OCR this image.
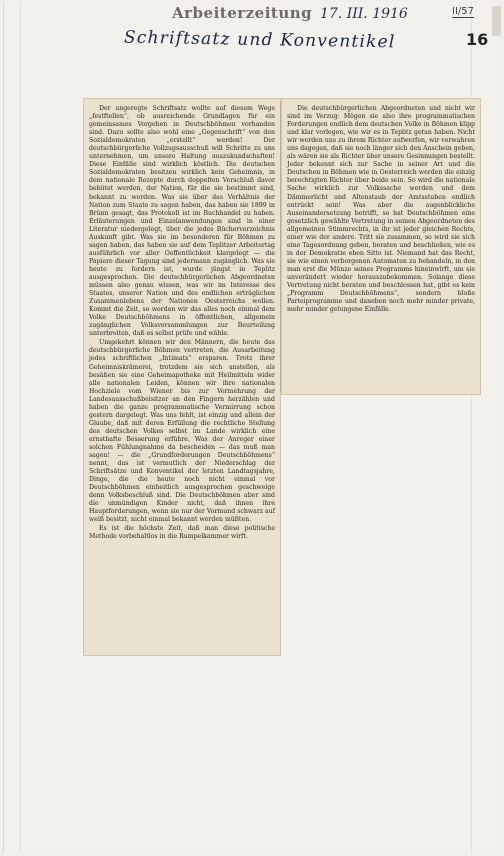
Arbeiterzeitung 17. III. 1916	II/57
16
Schriftsatz und Konventikel

Der angeregte Schriftsatz wollte auf diesem Wege „festftellen“, ob ausreichende Grundlagen für ein gemeinsames Vorgehen in Deutschböhmen vorhanden sind. Dazu sollte also wohl eine „Gegenschrift“ von den Sozialdemokraten „erstellt“ werden! Der deutschbürgerliche Vollzugsausschuß will Schritte zu uns unternehmen, um unsere Haltung auszukundschaften! Diese Einfälle sind wirklich köstlich. Die deutschen Sozialdemokraten besitzen wirklich kein Geheimnis, in dem nationale Rezepte durch doppelten Verschluß davor behütet werden, der Nation, für die sie bestimmt sind, bekannt zu werden. Was sie über das Verhältnis der Nation zum Staate zu sagen haben, das haben sie 1899 in Brünn gesagt, das Protokoll ist im Buchhandel zu haben. Erläuterungen und Einzelanwendungen sind in einer Literatur niedergelegt, über die jedes Bücherverzeichnis Auskunft gibt. Was sie im besonderen für Böhmen zu sagen haben, das haben sie auf dem Teplitzer Arbeitertag ausführlich vor aller Oeffentlichkeit klargelegt — die Papiere dieser Tagung sind jedermann zugänglich. Was sie heute zu fordern ist, wurde jüngst in Teplitz ausgesprochen. Die deutschbürgerlichen Abgeordneten müssen also genau wissen, was wir im Interesse des Staates, unserer Nation und des endlichen erträglichen Zusammenlebens der Nationen Oesterreichs wollen. Kommt die Zeit, so werden wir das alles noch einmal dem Volke Deutschböhmens in öffentlichen, allgemein zugänglichen Volksversammlungen zur Beurteilung unterbreiten, daß es selbst prüfe und wähle.

Umgekehrt können wir den Männern, die heute das deutschbürgerliche Böhmen vertreten, die Ausarbeitung jedes schriftlichen „Intimats“ ersparen. Trotz ihrer Geheimniskrämerei, trotzdem sie sich anstellen, als besäßen sie eine Geheimapotheke mit Heilmitteln wider alle nationalen Leiden, können wir ihre nationalen Hochziele vom Wiener bis zur Vermehrung der Landesausschußbeisitzer an den Fingern herzählen und haben die ganze programmatische Vermirrung schon gestern dargelegt. Was uns fehlt, ist einzig und allein der Glaube, daß mit deren Erfüllung die rechtliche Stellung des deutschen Volkes selbst im Lande wirklich eine ernsthafte Besserung erführe. Was der Anreger einer solchen Fühlungnahme da bescheiden — das muß man sagen! — die „Grundforderungen Deutschböhmens“ nennt, das ist vermutlich der Niederschlag der Schriftsätze und Konventikel der letzten Landtagsjahre, Dinge, die die heute noch nicht einmal vor Deutschböhmen einheitlich ausgesprochen geschweige denn Volksbeschluß sind. Die Deutschböhmen aber sind die unmündigen Kinder nicht, daß ihnen ihre Hauptforderungen, wenn sie nur der Vormund schwarz auf weiß besitzt, nicht einmal bekannt werden müßten.

Es ist die höchste Zeit, daß man diese politische Methode vorbehaltlos in die Rumpelkammer wirft.

Die deutschbürgerlichen Abgeordneten und nicht wir sind im Verzug: Mögen sie also ihre programmatischen Forderungen endlich dem deutschen Volke in Böhmen klipp und klar vorlegen, wie wir es in Teplitz getan haben. Nicht wir werden uns zu ihrem Richter aufwerfen, wir verwahren uns dagegen, daß sie noch länger sich den Anschein geben, als wären sie als Richter über unsere Gesinnungen bestellt. Jeder bekennt sich zur Sache in seiner Art und die Deutschen in Böhmen wie in Oesterreich werden die einzig berechtigten Richter über beide sein. So wird die nationale Sache wirklich zur Volkssache werden und dem Dämmerlicht und Altenstaub der Amtsstuben endlich entrückt sein! Was aber die augenblickliche Auseinandersetzung betrifft, so hat Deutschböhmen eine gesetzlich gewählte Vertretung in seinen Abgeordneten des allgemeinen Stimmrechts, in ihr ist jeder gleichen Rechts, einer wie der andere. Tritt sie zusammen, so wird sie sich eine Tagesordnung geben, beraten und beschließen, wie es in der Demokratie eben Sitte ist. Niemand hat das Recht, sie wie einen verborgenen Automaten zu behandeln, in den man erst die Münze seines Programms hineinwirft, um sie unverändert wieder herauszubekommen. Solange diese Vertretung nicht beraten und beschlossen hat, gibt es kein „Programm Deutschböhmens“, sondern bloße Parteiprogramme und daneben noch mehr minder private, mehr minder gelungene Einfälle.
